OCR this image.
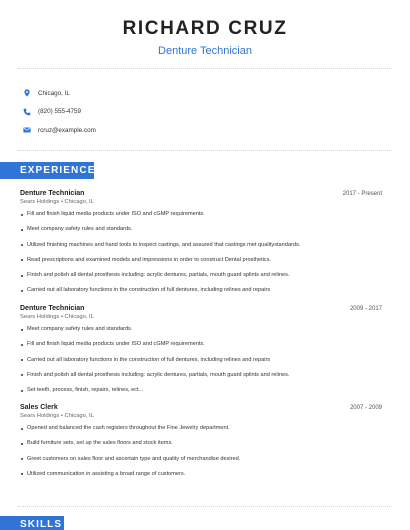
RICHARD CRUZ
Denture Technician
Chicago, IL
(820) 555-4759
rcruz@example.com
EXPERIENCE
Denture Technician	2017 - Present
Sears Holdings • Chicago, IL
Fill and finish liquid media products under ISO and cGMP requirements.
Meet company safety rules and standards.
Utilized finishing machines and hand tools to inspect castings, and assured that castings met qualitystandards.
Read prescriptions and examined models and impressions in order to construct Dental prosthetics.
Finish and polish all dental prosthesis including: acrylic dentures, partials, mouth guard splints and relines.
Carried out all laboratory functions in the construction of full dentures, including relines and repairs
Denture Technician	2009 - 2017
Sears Holdings • Chicago, IL
Meet company safety rules and standards.
Fill and finish liquid media products under ISO and cGMP requirements.
Carried out all laboratory functions in the construction of full dentures, including relines and repairs
Finish and polish all dental prosthesis including: acrylic dentures, partials, mouth guard splints and relines.
Set teeth, process, finish, repairs, relines, ect...
Sales Clerk	2007 - 2009
Sears Holdings • Chicago, IL
Opened and balanced the cash registers throughout the Fine Jewelry department.
Build furniture sets, set up the sales floors and stock items.
Greet customers on sales floor and ascertain type and quality of merchandise desired.
Utilized communication in assisting a broad range of customers.
SKILLS
